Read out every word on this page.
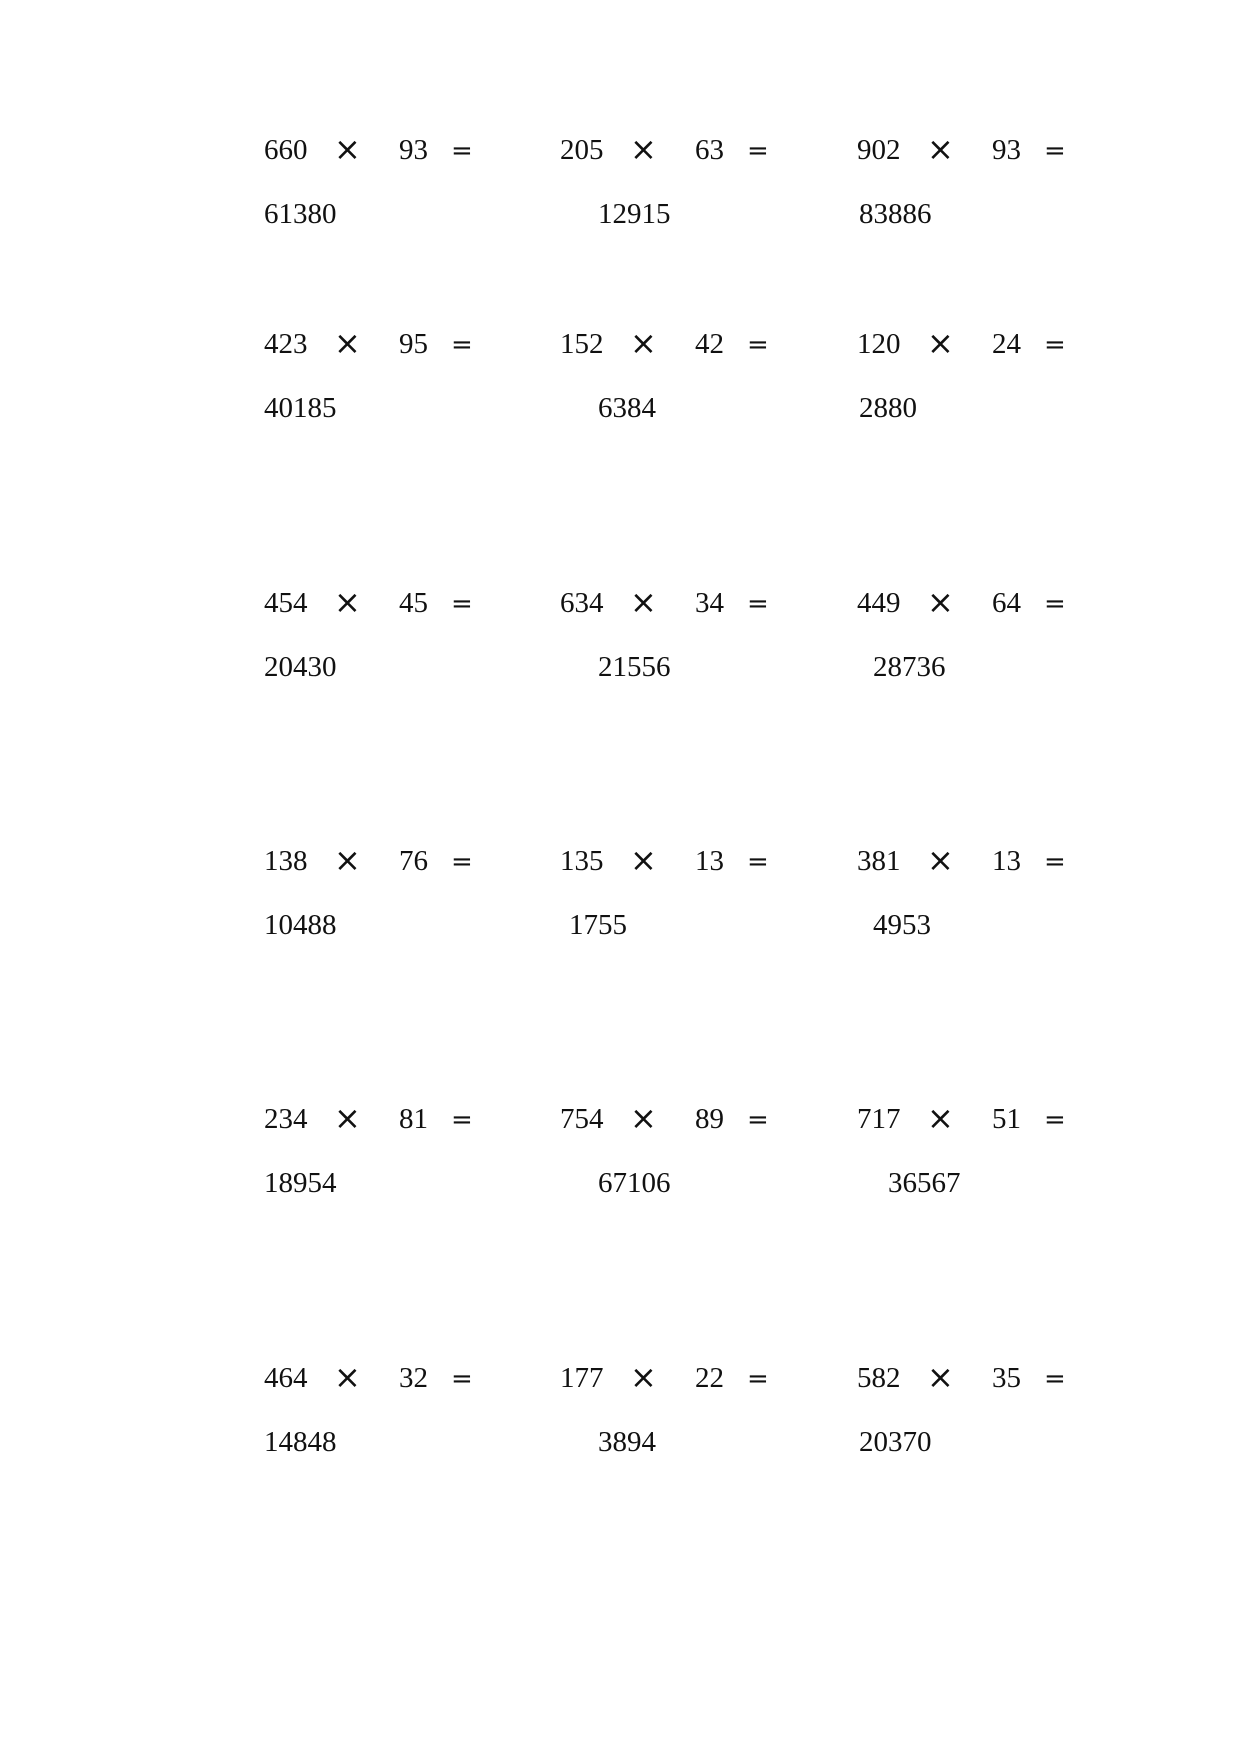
660 × 93 =
61380
205 × 63 =
12915
902 × 93 =
83886
423 × 95 =
40185
152 × 42 =
6384
120 × 24 =
2880
454 × 45 =
20430
634 × 34 =
21556
449 × 64 =
28736
138 × 76 =
10488
135 × 13 =
1755
381 × 13 =
4953
234 × 81 =
18954
754 × 89 =
67106
717 × 51 =
36567
464 × 32 =
14848
177 × 22 =
3894
582 × 35 =
20370
